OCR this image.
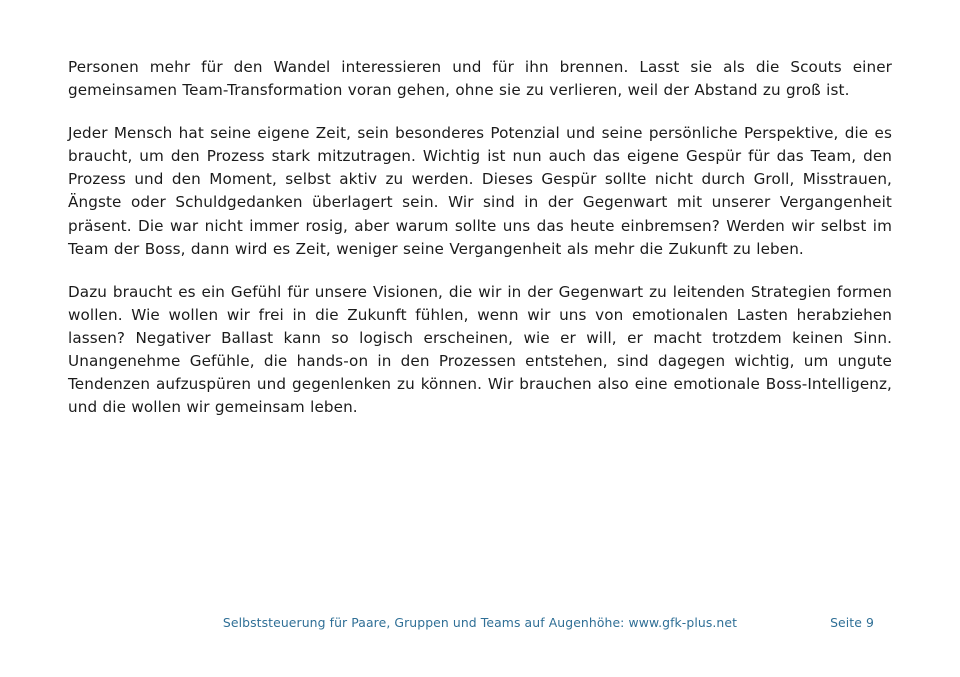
Personen mehr für den Wandel interessieren und für ihn brennen. Lasst sie als die Scouts einer gemeinsamen Team-Transformation voran gehen, ohne sie zu verlieren, weil der Abstand zu groß ist.

Jeder Mensch hat seine eigene Zeit, sein besonderes Potenzial und seine persönliche Perspektive, die es braucht, um den Prozess stark mitzutragen. Wichtig ist nun auch das eigene Gespür für das Team, den Prozess und den Moment, selbst aktiv zu werden. Dieses Gespür sollte nicht durch Groll, Misstrauen, Ängste oder Schuldgedanken überlagert sein. Wir sind in der Gegenwart mit unserer Vergangenheit präsent. Die war nicht immer rosig, aber warum sollte uns das heute einbremsen? Werden wir selbst im Team der Boss, dann wird es Zeit, weniger seine Vergangenheit als mehr die Zukunft zu leben.

Dazu braucht es ein Gefühl für unsere Visionen, die wir in der Gegenwart zu leitenden Strategien formen wollen. Wie wollen wir frei in die Zukunft fühlen, wenn wir uns von emotionalen Lasten herabziehen lassen? Negativer Ballast kann so logisch erscheinen, wie er will, er macht trotzdem keinen Sinn. Unangenehme Gefühle, die hands-on in den Prozessen entstehen, sind dagegen wichtig, um ungute Tendenzen aufzuspüren und gegenlenken zu können. Wir brauchen also eine emotionale Boss-Intelligenz, und die wollen wir gemeinsam leben.

Selbststeuerung für Paare, Gruppen und Teams auf Augenhöhe: www.gfk-plus.net	Seite 9
